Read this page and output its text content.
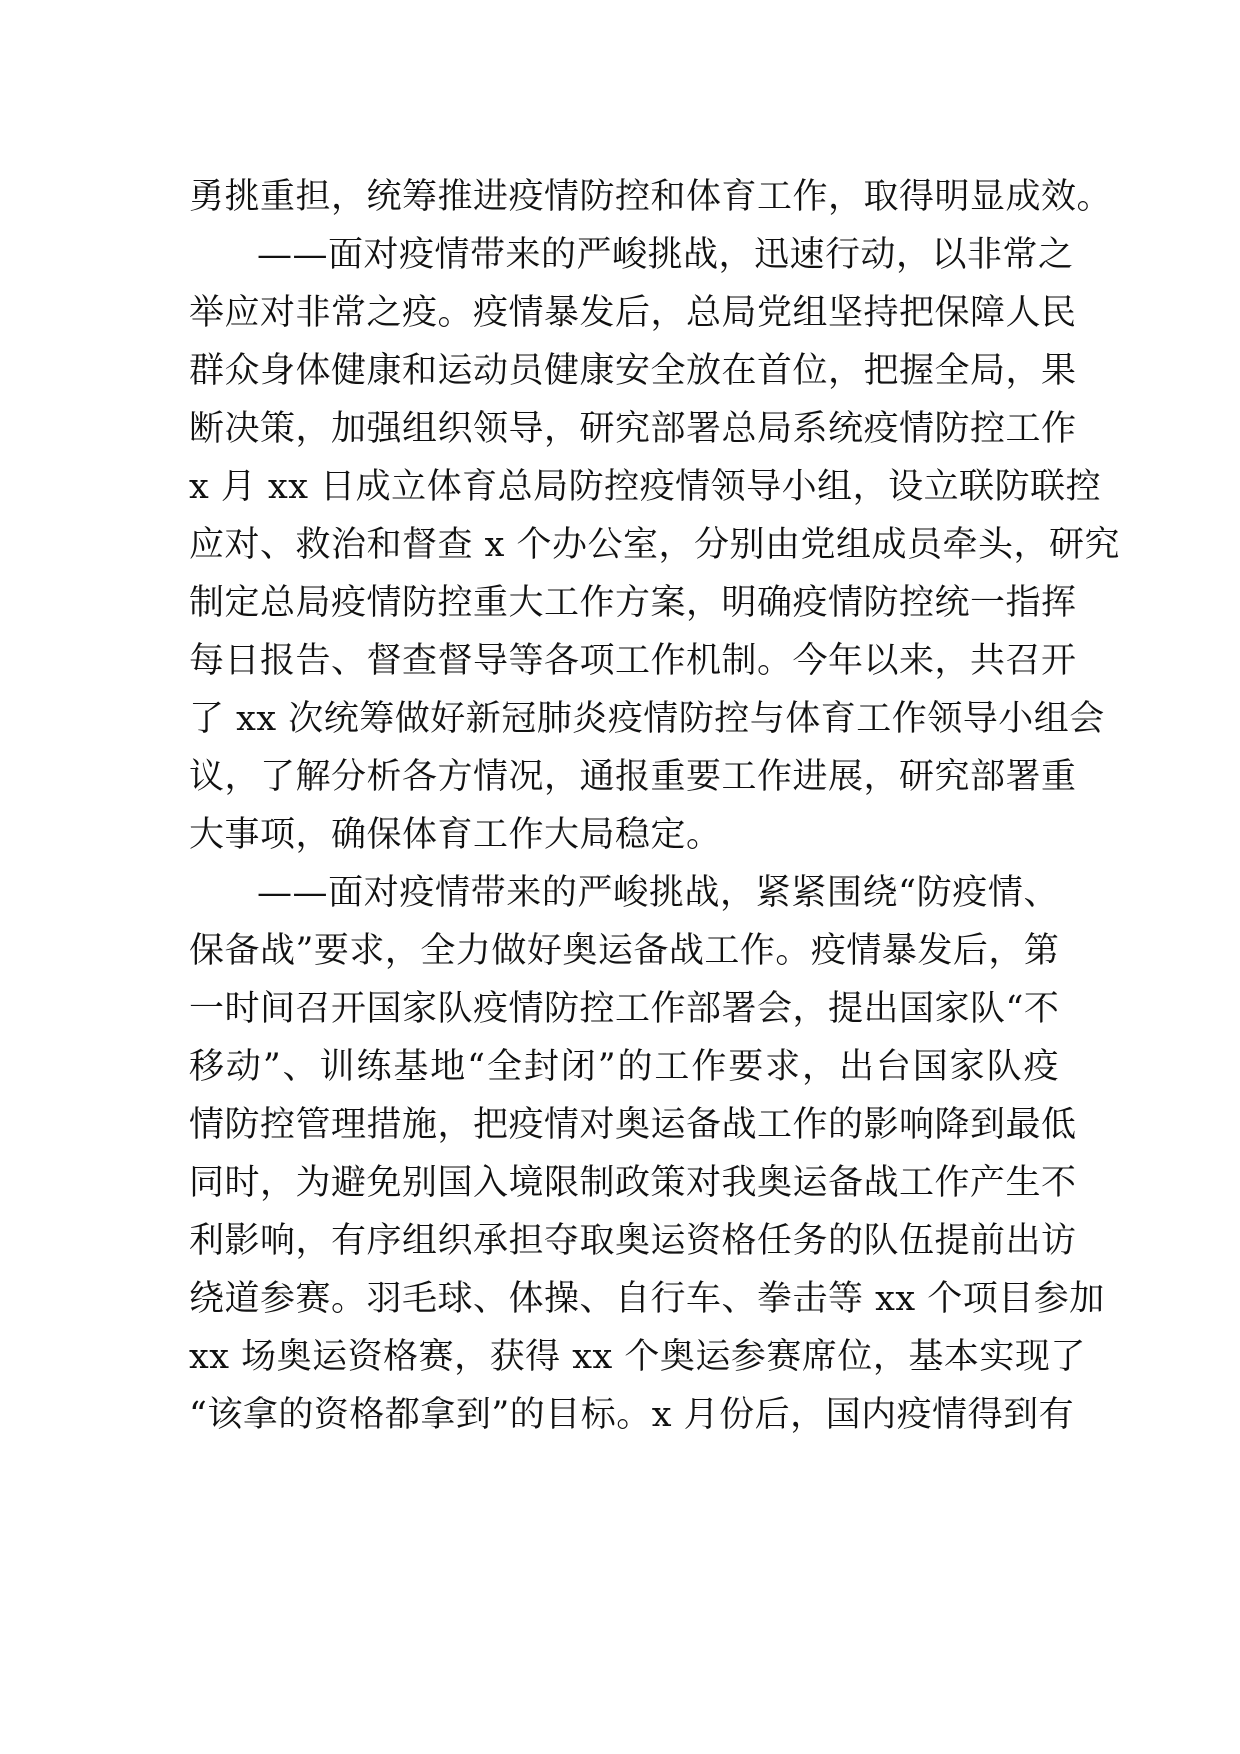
勇挑重担，统筹推进疫情防控和体育工作，取得明显成效。
——面对疫情带来的严峻挑战，迅速行动，以非常之
举应对非常之疫。疫情暴发后，总局党组坚持把保障人民
群众身体健康和运动员健康安全放在首位，把握全局，果
断决策，加强组织领导，研究部署总局系统疫情防控工作
x 月 xx 日成立体育总局防控疫情领导小组，设立联防联控
应对、救治和督查 x 个办公室，分别由党组成员牵头，研究
制定总局疫情防控重大工作方案，明确疫情防控统一指挥
每日报告、督查督导等各项工作机制。今年以来，共召开
了 xx 次统筹做好新冠肺炎疫情防控与体育工作领导小组会
议，了解分析各方情况，通报重要工作进展，研究部署重
大事项，确保体育工作大局稳定。
——面对疫情带来的严峻挑战，紧紧围绕“防疫情、
保备战”要求，全力做好奥运备战工作。疫情暴发后，第
一时间召开国家队疫情防控工作部署会，提出国家队“不
移动”、训练基地“全封闭”的工作要求，出台国家队疫
情防控管理措施，把疫情对奥运备战工作的影响降到最低
同时，为避免别国入境限制政策对我奥运备战工作产生不
利影响，有序组织承担夺取奥运资格任务的队伍提前出访
绕道参赛。羽毛球、体操、自行车、拳击等 xx 个项目参加
xx 场奥运资格赛，获得 xx 个奥运参赛席位，基本实现了
“该拿的资格都拿到”的目标。x 月份后，国内疫情得到有
